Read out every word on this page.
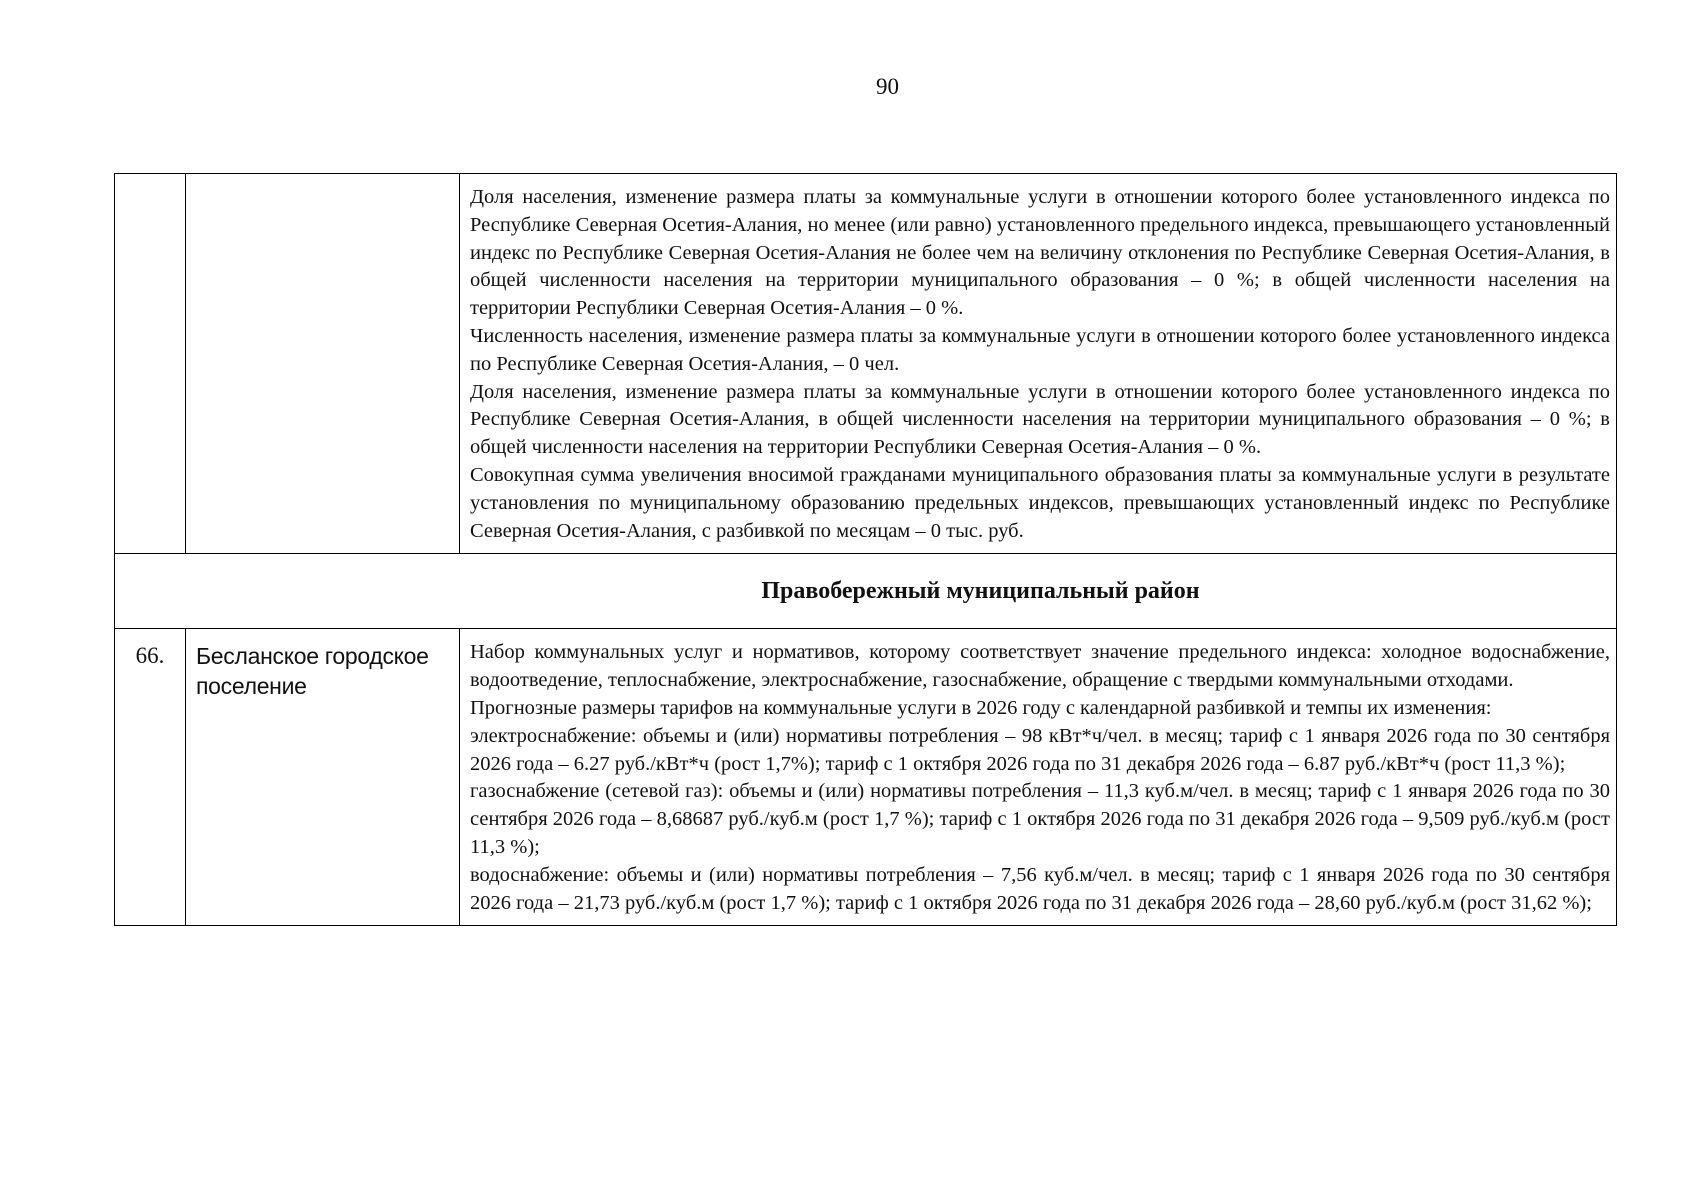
90

		Доля населения, изменение размера платы за коммунальные услуги в отношении которого более установленного индекса по Республике Северная Осетия-Алания, но менее (или равно) установленного предельного индекса, превышающего установленный индекс по Республике Северная Осетия-Алания не более чем на величину отклонения по Республике Северная Осетия-Алания, в общей численности населения на территории муниципального образования – 0 %; в общей численности населения на территории Республики Северная Осетия-Алания – 0 %.

Численность населения, изменение размера платы за коммунальные услуги в отношении которого более установленного индекса по Республике Северная Осетия-Алания, – 0 чел.

Доля населения, изменение размера платы за коммунальные услуги в отношении которого более установленного индекса по Республике Северная Осетия-Алания, в общей численности населения на территории муниципального образования – 0 %; в общей численности населения на территории Республики Северная Осетия-Алания – 0 %.

Совокупная сумма увеличения вносимой гражданами муниципального образования платы за коммунальные услуги в результате установления по муниципальному образованию предельных индексов, превышающих установленный индекс по Республике Северная Осетия-Алания, с разбивкой по месяцам – 0 тыс. руб.

Правобережный муниципальный район		
66.	Бесланское городское поселение	Набор коммунальных услуг и нормативов, которому соответствует значение предельного индекса: холодное водоснабжение, водоотведение, теплоснабжение, электроснабжение, газоснабжение, обращение с твердыми коммунальными отходами.

Прогнозные размеры тарифов на коммунальные услуги в 2026 году с календарной разбивкой и темпы их изменения:

электроснабжение: объемы и (или) нормативы потребления – 98 кВт*ч/чел. в месяц; тариф с 1 января 2026 года по 30 сентября 2026 года – 6.27 руб./кВт*ч (рост 1,7%); тариф с 1 октября 2026 года по 31 декабря 2026 года – 6.87 руб./кВт*ч (рост 11,3 %);

газоснабжение (сетевой газ): объемы и (или) нормативы потребления – 11,3 куб.м/чел. в месяц; тариф с 1 января 2026 года по 30 сентября 2026 года – 8,68687 руб./куб.м (рост 1,7 %); тариф с 1 октября 2026 года по 31 декабря 2026 года – 9,509 руб./куб.м (рост 11,3 %);

водоснабжение: объемы и (или) нормативы потребления – 7,56 куб.м/чел. в месяц; тариф с 1 января 2026 года по 30 сентября 2026 года – 21,73 руб./куб.м (рост 1,7 %); тариф с 1 октября 2026 года по 31 декабря 2026 года – 28,60 руб./куб.м (рост 31,62 %);
